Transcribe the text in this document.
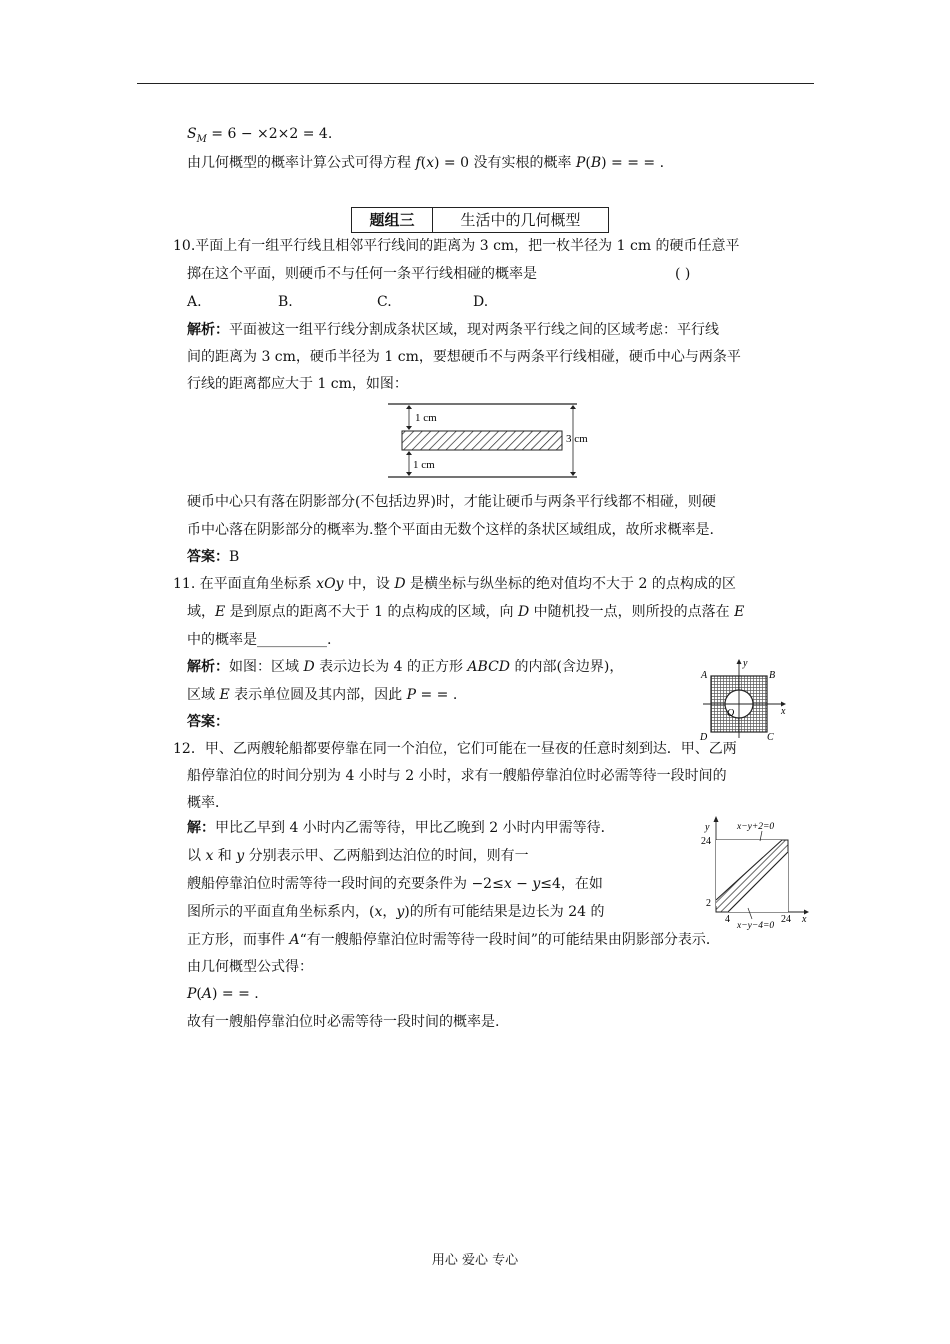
$S_M = 6 - \times 2\times 2 = 4$.
由几何概型的概率计算公式可得方程 f(x) = 0 没有实根的概率 P(B) = = = .
题组三	生活中的几何概型
10.平面上有一组平行线且相邻平行线间的距离为 3 cm，把一枚半径为 1 cm 的硬币任意平
掷在这个平面，则硬币不与任何一条平行线相碰的概率是	( )
A.	B.	C.	D.
解析：平面被这一组平行线分割成条状区域，现对两条平行线之间的区域考虑：平行线
间的距离为 3 cm，硬币半径为 1 cm，要想硬币不与两条平行线相碰，硬币中心与两条平
行线的距离都应大于 1 cm，如图：
1 cm
3 cm
1 cm
硬币中心只有落在阴影部分(不包括边界)时，才能让硬币与两条平行线都不相碰，则硬
币中心落在阴影部分的概率为.整个平面由无数个这样的条状区域组成，故所求概率是.
答案：B
11. 在平面直角坐标系 xOy 中，设 D 是横坐标与纵坐标的绝对值均不大于 2 的点构成的区
域，E 是到原点的距离不大于 1 的点构成的区域，向 D 中随机投一点，则所投的点落在 E
中的概率是__________.
解析：如图：区域 D 表示边长为 4 的正方形 ABCD 的内部(含边界)，
区域 E 表示单位圆及其内部，因此 P = = .
答案：
A	B
C
D
O	x
y
12．甲、乙两艘轮船都要停靠在同一个泊位，它们可能在一昼夜的任意时刻到达．甲、乙两
船停靠泊位的时间分别为 4 小时与 2 小时，求有一艘船停靠泊位时必需等待一段时间的
概率．
解：甲比乙早到 4 小时内乙需等待，甲比乙晚到 2 小时内甲需等待．
以 x 和 y 分别表示甲、乙两船到达泊位的时间，则有一
艘船停靠泊位时需等待一段时间的充要条件为 −2≤x − y≤4，在如
图所示的平面直角坐标系内，(x，y)的所有可能结果是边长为 24 的
正方形，而事件 A“有一艘船停靠泊位时需等待一段时间”的可能结果由阴影部分表示．
由几何概型公式得：
P(A) = = .
故有一艘船停靠泊位时必需等待一段时间的概率是.
x−y+2=0
x−y−4=0
y
x
24
2
4	24
用心 爱心 专心
